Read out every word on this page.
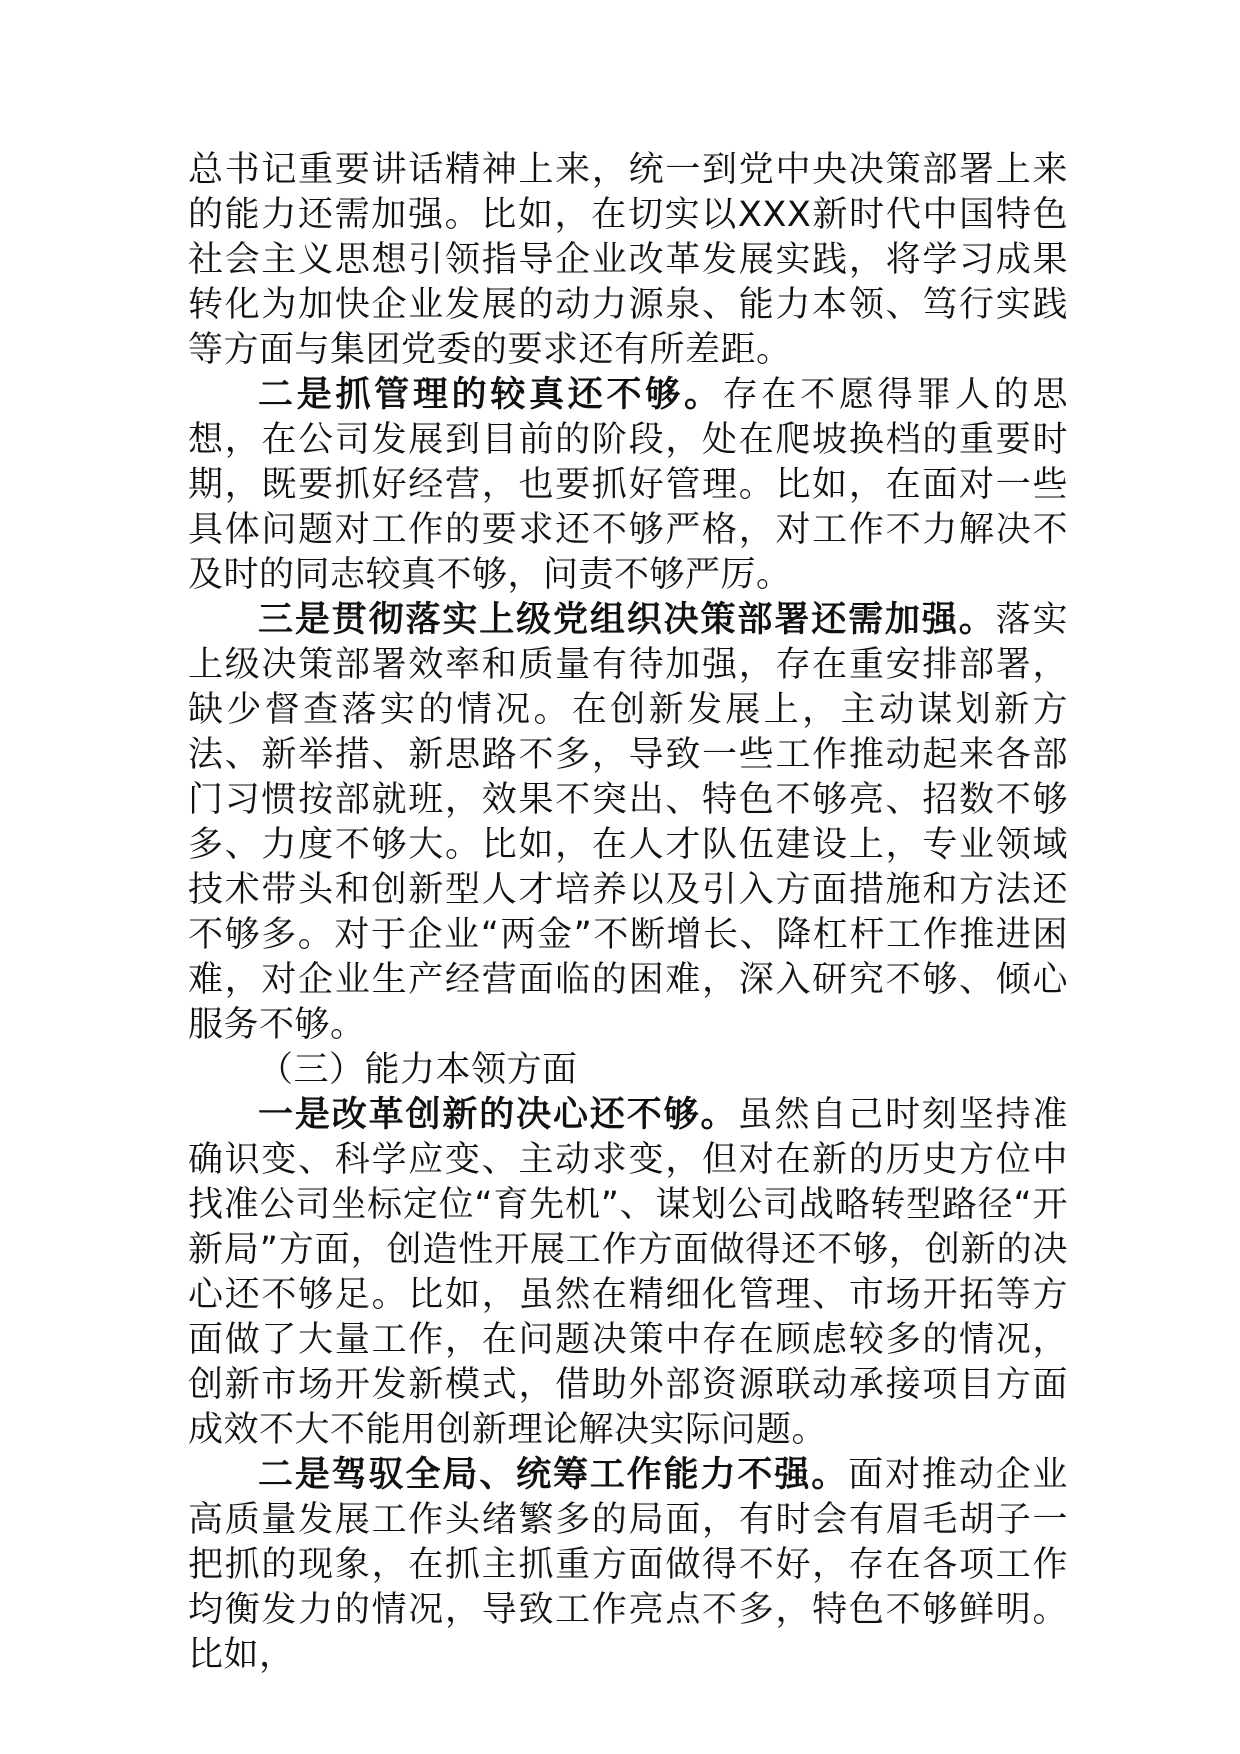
总书记重要讲话精神上来，统一到党中央决策部署上来的能力还需加强。比如，在切实以XXX新时代中国特色社会主义思想引领指导企业改革发展实践，将学习成果转化为加快企业发展的动力源泉、能力本领、笃行实践等方面与集团党委的要求还有所差距。

二是抓管理的较真还不够。存在不愿得罪人的思想，在公司发展到目前的阶段，处在爬坡换档的重要时期，既要抓好经营，也要抓好管理。比如，在面对一些具体问题对工作的要求还不够严格，对工作不力解决不及时的同志较真不够，问责不够严厉。

三是贯彻落实上级党组织决策部署还需加强。落实上级决策部署效率和质量有待加强，存在重安排部署，缺少督查落实的情况。在创新发展上，主动谋划新方法、新举措、新思路不多，导致一些工作推动起来各部门习惯按部就班，效果不突出、特色不够亮、招数不够多、力度不够大。比如，在人才队伍建设上，专业领域技术带头和创新型人才培养以及引入方面措施和方法还不够多。对于企业“两金”不断增长、降杠杆工作推进困难，对企业生产经营面临的困难，深入研究不够、倾心服务不够。

（三）能力本领方面

一是改革创新的决心还不够。虽然自己时刻坚持准确识变、科学应变、主动求变，但对在新的历史方位中找准公司坐标定位“育先机”、谋划公司战略转型路径“开新局”方面，创造性开展工作方面做得还不够，创新的决心还不够足。比如，虽然在精细化管理、市场开拓等方面做了大量工作，在问题决策中存在顾虑较多的情况，创新市场开发新模式，借助外部资源联动承接项目方面成效不大不能用创新理论解决实际问题。

二是驾驭全局、统筹工作能力不强。面对推动企业高质量发展工作头绪繁多的局面，有时会有眉毛胡子一把抓的现象，在抓主抓重方面做得不好，存在各项工作均衡发力的情况，导致工作亮点不多，特色不够鲜明。比如，
